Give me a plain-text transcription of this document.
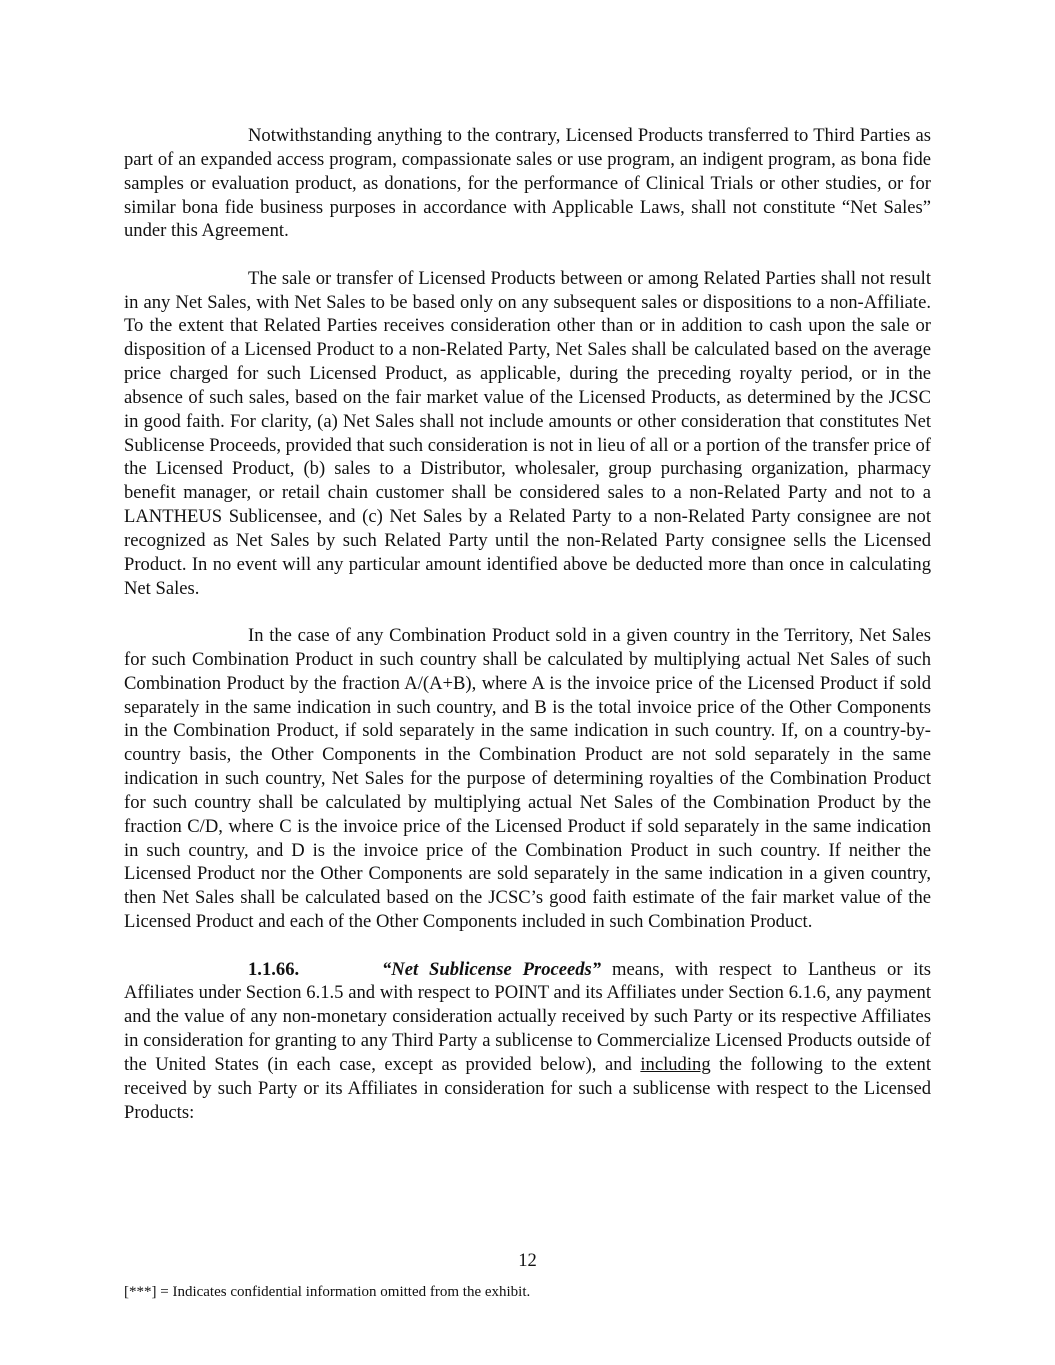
Notwithstanding anything to the contrary, Licensed Products transferred to Third Parties as part of an expanded access program, compassionate sales or use program, an indigent program, as bona fide samples or evaluation product, as donations, for the performance of Clinical Trials or other studies, or for similar bona fide business purposes in accordance with Applicable Laws, shall not constitute “Net Sales” under this Agreement.

The sale or transfer of Licensed Products between or among Related Parties shall not result in any Net Sales, with Net Sales to be based only on any subsequent sales or dispositions to a non-Affiliate. To the extent that Related Parties receives consideration other than or in addition to cash upon the sale or disposition of a Licensed Product to a non-Related Party, Net Sales shall be calculated based on the average price charged for such Licensed Product, as applicable, during the preceding royalty period, or in the absence of such sales, based on the fair market value of the Licensed Products, as determined by the JCSC in good faith. For clarity, (a) Net Sales shall not include amounts or other consideration that constitutes Net Sublicense Proceeds, provided that such consideration is not in lieu of all or a portion of the transfer price of the Licensed Product, (b) sales to a Distributor, wholesaler, group purchasing organization, pharmacy benefit manager, or retail chain customer shall be considered sales to a non-Related Party and not to a LANTHEUS Sublicensee, and (c) Net Sales by a Related Party to a non-Related Party consignee are not recognized as Net Sales by such Related Party until the non-Related Party consignee sells the Licensed Product. In no event will any particular amount identified above be deducted more than once in calculating Net Sales.

In the case of any Combination Product sold in a given country in the Territory, Net Sales for such Combination Product in such country shall be calculated by multiplying actual Net Sales of such Combination Product by the fraction A/(A+B), where A is the invoice price of the Licensed Product if sold separately in the same indication in such country, and B is the total invoice price of the Other Components in the Combination Product, if sold separately in the same indication in such country. If, on a country-by-country basis, the Other Components in the Combination Product are not sold separately in the same indication in such country, Net Sales for the purpose of determining royalties of the Combination Product for such country shall be calculated by multiplying actual Net Sales of the Combination Product by the fraction C/D, where C is the invoice price of the Licensed Product if sold separately in the same indication in such country, and D is the invoice price of the Combination Product in such country. If neither the Licensed Product nor the Other Components are sold separately in the same indication in a given country, then Net Sales shall be calculated based on the JCSC’s good faith estimate of the fair market value of the Licensed Product and each of the Other Components included in such Combination Product.

1.1.66.	“Net Sublicense Proceeds” means, with respect to Lantheus or its Affiliates under Section 6.1.5 and with respect to POINT and its Affiliates under Section 6.1.6, any payment and the value of any non-monetary consideration actually received by such Party or its respective Affiliates in consideration for granting to any Third Party a sublicense to Commercialize Licensed Products outside of the United States (in each case, except as provided below), and including the following to the extent received by such Party or its Affiliates in consideration for such a sublicense with respect to the Licensed Products:

12
[***] = Indicates confidential information omitted from the exhibit.
